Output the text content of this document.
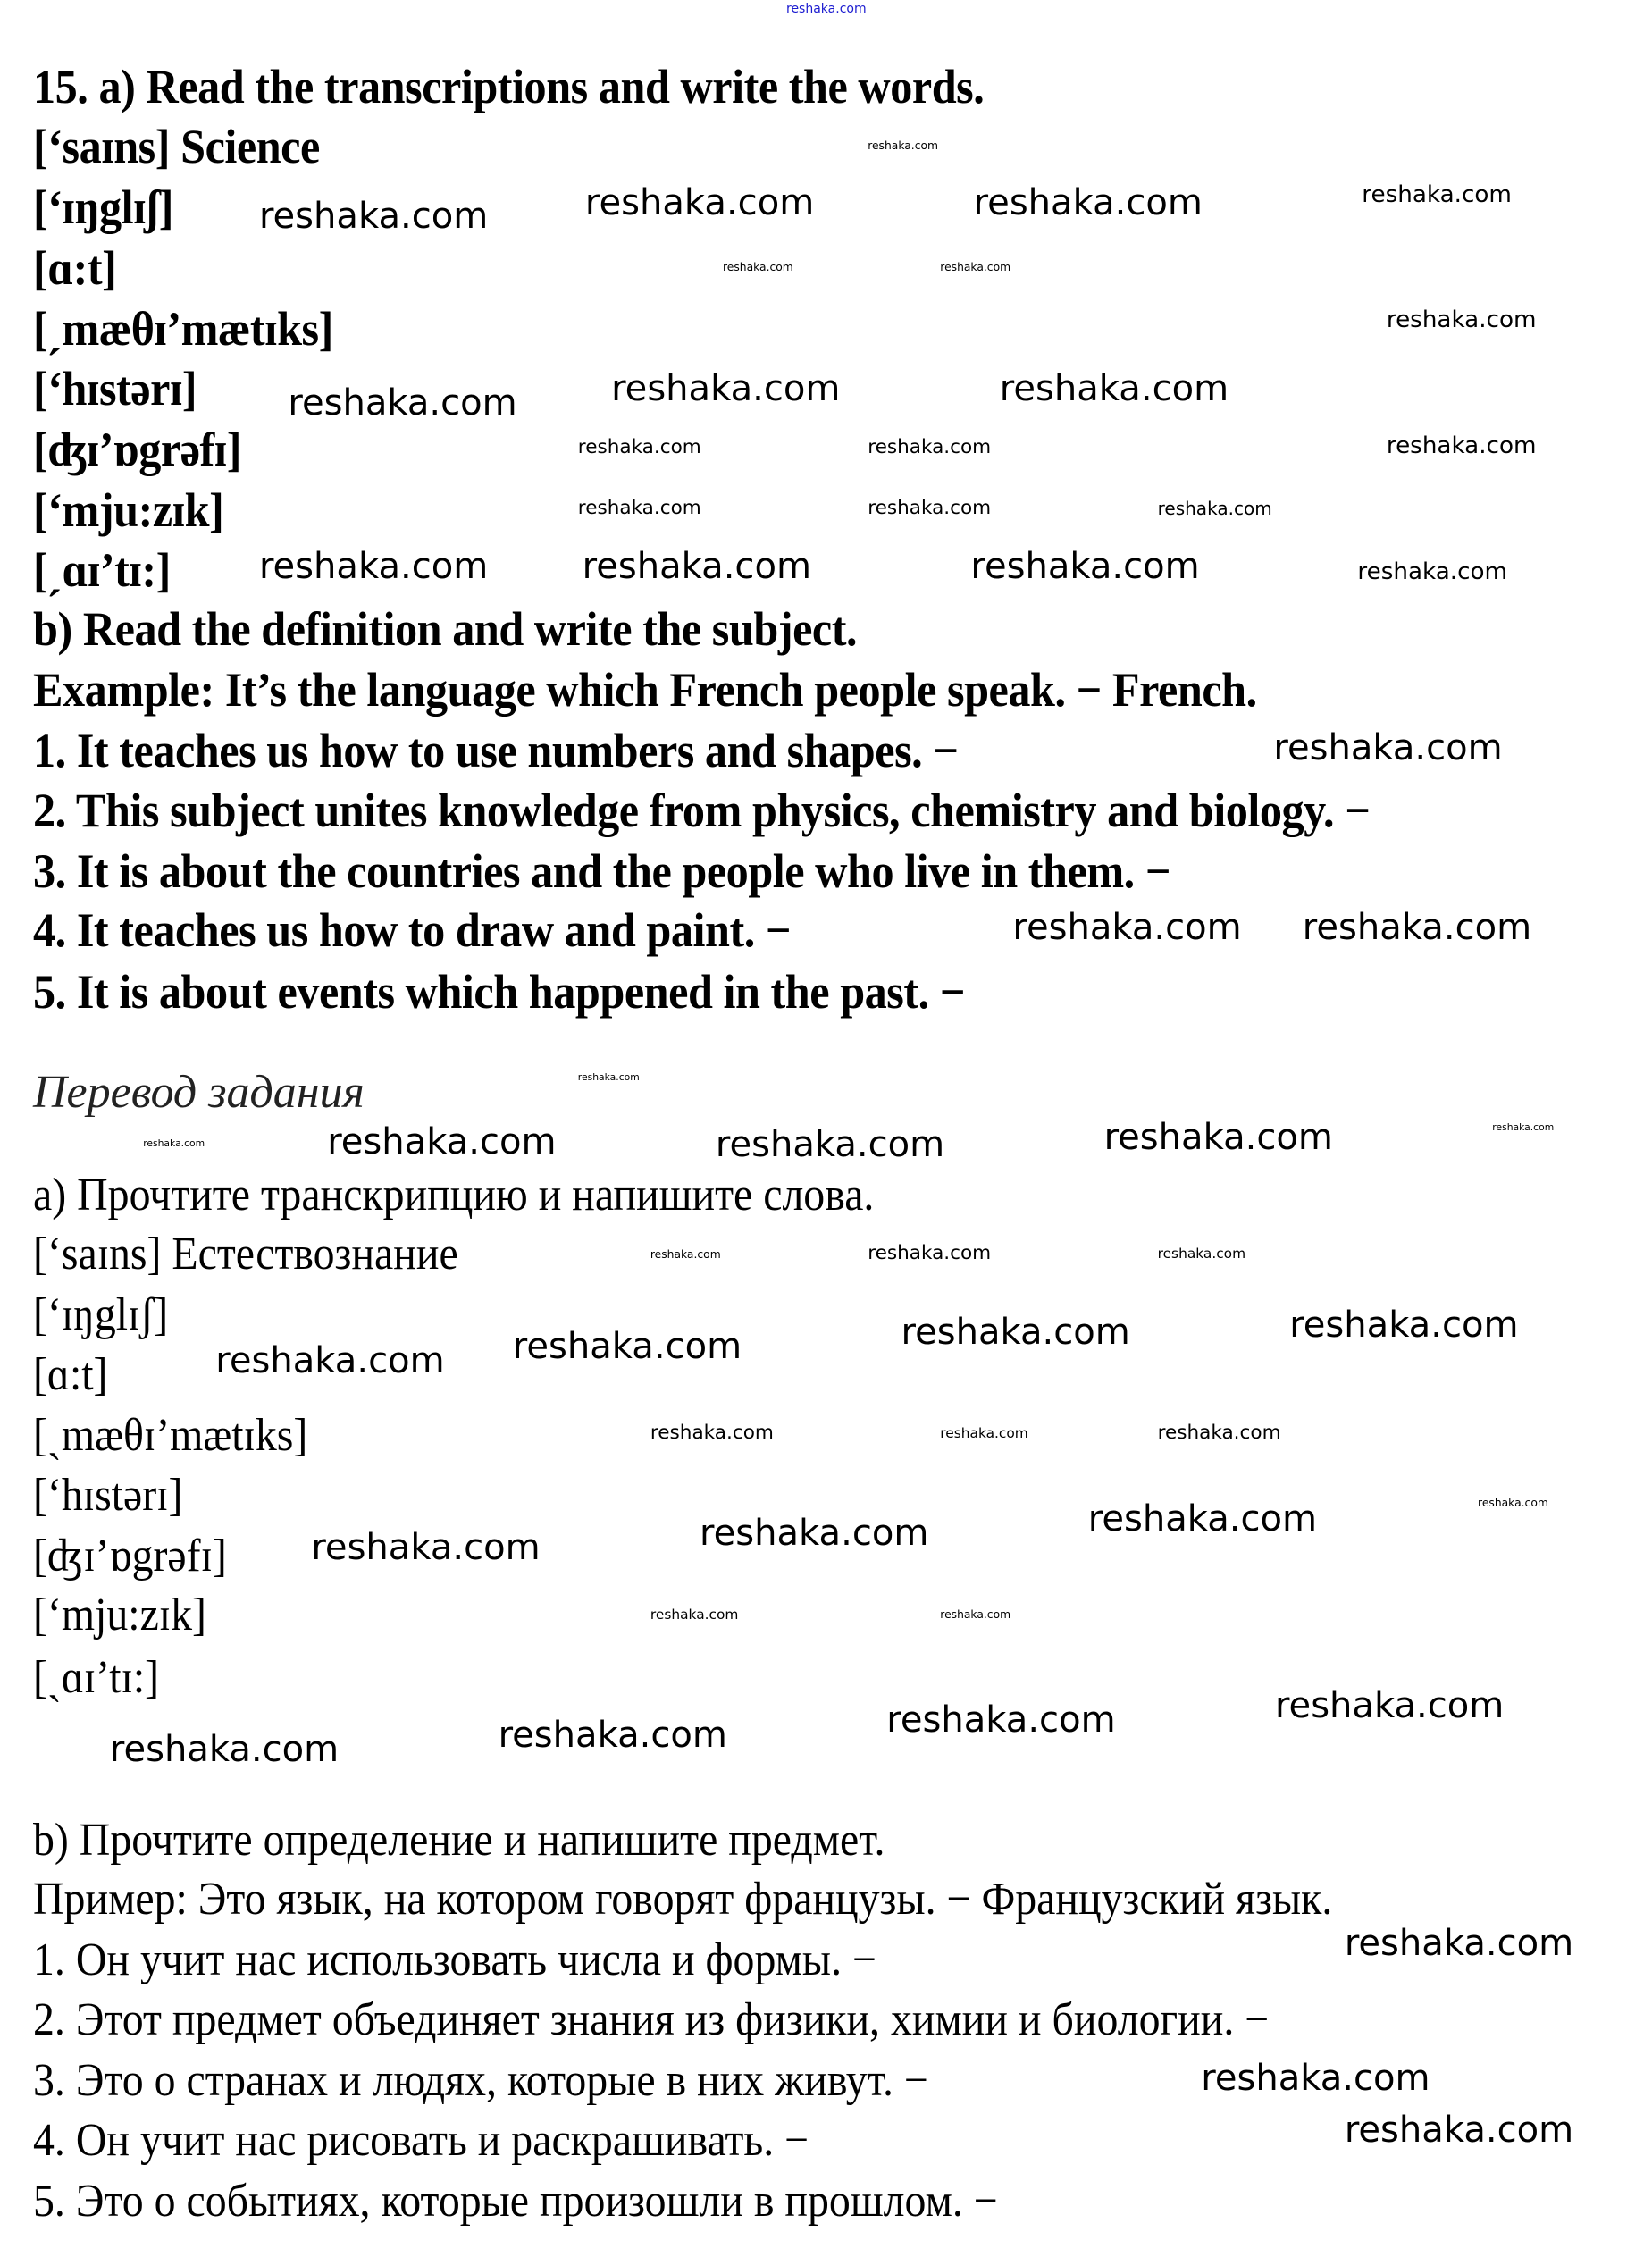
reshaka.com
15. a) Read the transcriptions and write the words.
[‘saɪns] Science
[‘ɪŋglɪʃ]
[ɑ:t]
[ˏmæθɪ’mætɪks]
[‘hɪstərɪ]
[ʤɪ’ɒgrəfɪ]
[‘mju:zɪk]
[ˏɑɪ’tɪ:]
b) Read the definition and write the subject.
Example: It’s the language which French people speak. − French.
1. It teaches us how to use numbers and shapes. −
2. This subject unites knowledge from physics, chemistry and biology. −
3. It is about the countries and the people who live in them. −
4. It teaches us how to draw and paint. −
5. It is about events which happened in the past. −
Перевод задания
a) Прочтите транскрипцию и напишите слова.
[‘saɪns] Естествознание
[‘ɪŋglɪʃ]
[ɑ:t]
[ˏmæθɪ’mætɪks]
[‘hɪstərɪ]
[ʤɪ’ɒgrəfɪ]
[‘mju:zɪk]
[ˏɑɪ’tɪ:]
b) Прочтите определение и напишите предмет.
Пример: Это язык, на котором говорят французы. − Французский язык.
1. Он учит нас использовать числа и формы. −
2. Этот предмет объединяет знания из физики, химии и биологии. −
3. Это о странах и людях, которые в них живут. −
4. Он учит нас рисовать и раскрашивать. −
5. Это о событиях, которые произошли в прошлом. −
reshaka.com	reshaka.com	reshaka.com
reshaka.com	reshaka.com	reshaka.com
reshaka.com	reshaka.com	reshaka.com
reshaka.com
reshaka.com reshaka.com
reshaka.com	reshaka.com	reshaka.com
reshaka.com reshaka.com	reshaka.com	reshaka.com
reshaka.com	reshaka.com	reshaka.com
reshaka.com	reshaka.com	reshaka.com	reshaka.com
reshaka.com
reshaka.com
reshaka.com
reshaka.com
reshaka.com
reshaka.com
reshaka.com
reshaka.com	reshaka.com	reshaka.com
reshaka.com	reshaka.com
reshaka.com
reshaka.com	reshaka.com
reshaka.com
reshaka.com	reshaka.com
reshaka.com
reshaka.com
reshaka.com
reshaka.com
reshaka.com	reshaka.com
reshaka.com
reshaka.com	reshaka.com
